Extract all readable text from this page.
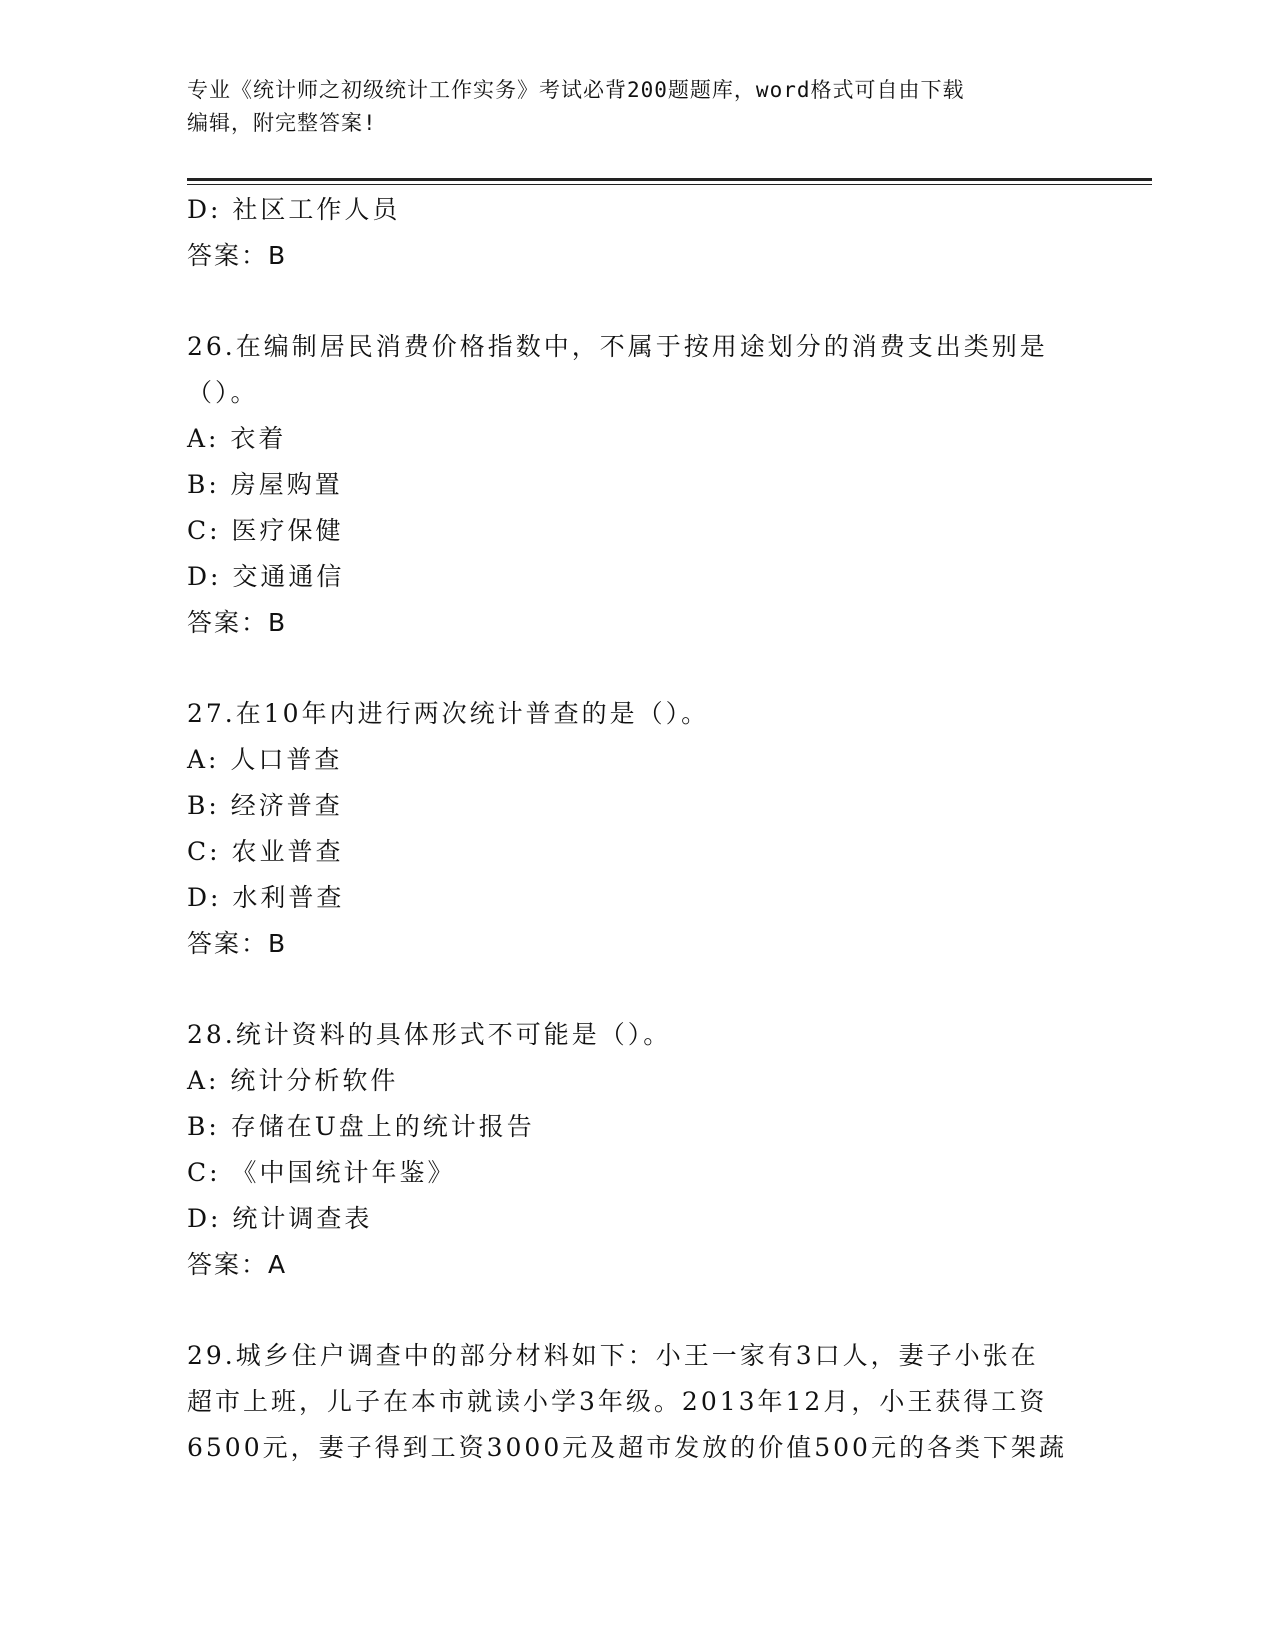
专业《统计师之初级统计工作实务》考试必背200题题库，word格式可自由下载
编辑，附完整答案!
D: 社区工作人员
答案：B
26.在编制居民消费价格指数中，不属于按用途划分的消费支出类别是
（）。
A: 衣着
B: 房屋购置
C: 医疗保健
D: 交通通信
答案：B
27.在10年内进行两次统计普查的是（）。
A: 人口普查
B: 经济普查
C: 农业普查
D: 水利普查
答案：B
28.统计资料的具体形式不可能是（）。
A: 统计分析软件
B: 存储在U盘上的统计报告
C: 《中国统计年鉴》
D: 统计调查表
答案：A
29.城乡住户调查中的部分材料如下：小王一家有3口人，妻子小张在
超市上班，儿子在本市就读小学3年级。2013年12月，小王获得工资
6500元，妻子得到工资3000元及超市发放的价值500元的各类下架蔬
